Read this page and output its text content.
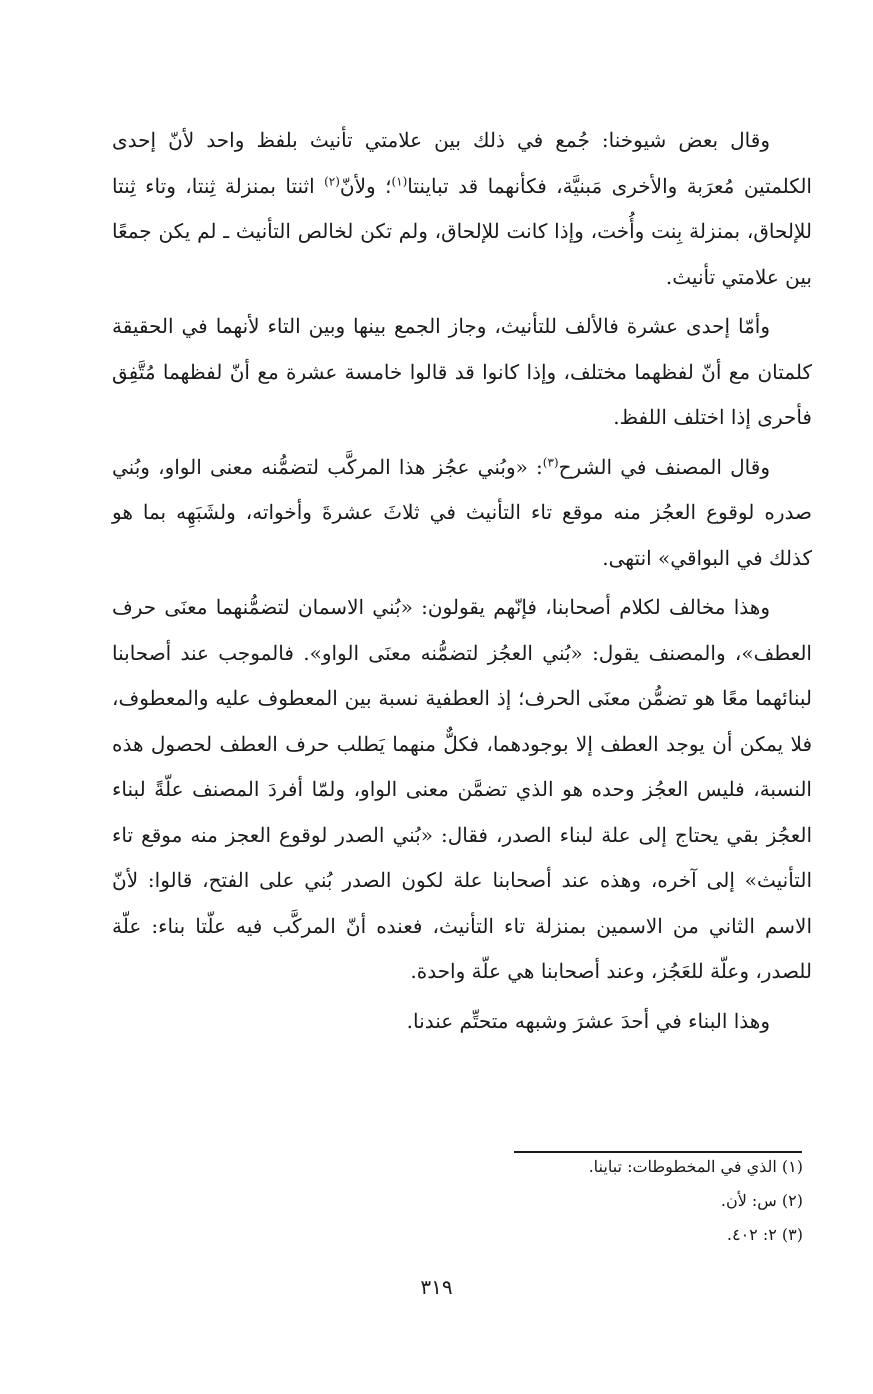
وقال بعض شيوخنا: جُمع في ذلك بين علامتي تأنيث بلفظ واحد لأنّ إحدى الكلمتين مُعرَبة والأخرى مَبنيَّة، فكأنهما قد تباينتا$^{(١)}$؛ ولأنّ$^{(٢)}$ اثنتا بمنزلة ثِنتا، وتاء ثِنتا للإلحاق، بمنزلة بِنت وأُخت، وإذا كانت للإلحاق، ولم تكن لخالص التأنيث ـ لم يكن جمعًا بين علامتي تأنيث.

وأمّا إحدى عشرة فالألف للتأنيث، وجاز الجمع بينها وبين التاء لأنهما في الحقيقة كلمتان مع أنّ لفظهما مختلف، وإذا كانوا قد قالوا خامسة عشرة مع أنّ لفظهما مُتَّفِق فأحرى إذا اختلف اللفظ.

وقال المصنف في الشرح$^{(٣)}$: «وبُني عجُز هذا المركَّب لتضمُّنه معنى الواو، وبُني صدره لوقوع العجُز منه موقع تاء التأنيث في ثلاثَ عشرةَ وأخواته، ولشَبَهِه بما هو كذلك في البواقي» انتهى.

وهذا مخالف لكلام أصحابنا، فإنّهم يقولون: «بُني الاسمان لتضمُّنهما معنَى حرف العطف»، والمصنف يقول: «بُني العجُز لتضمُّنه معنَى الواو». فالموجب عند أصحابنا لبنائهما معًا هو تضمُّن معنَى الحرف؛ إذ العطفية نسبة بين المعطوف عليه والمعطوف، فلا يمكن أن يوجد العطف إلا بوجودهما، فكلٌّ منهما يَطلب حرف العطف لحصول هذه النسبة، فليس العجُز وحده هو الذي تضمَّن معنى الواو، ولمّا أفردَ المصنف علّةً لبناء العجُز بقي يحتاج إلى علة لبناء الصدر، فقال: «بُني الصدر لوقوع العجز منه موقع تاء التأنيث» إلى آخره، وهذه عند أصحابنا علة لكون الصدر بُني على الفتح، قالوا: لأنّ الاسم الثاني من الاسمين بمنزلة تاء التأنيث، فعنده أنّ المركَّب فيه علّتا بناء: علّة للصدر، وعلّة للعَجُز، وعند أصحابنا هي علّة واحدة.

وهذا البناء في أحدَ عشرَ وشبهه متحتِّم عندنا.

(١) الذي في المخطوطات: تباينا.
(٢) س: لأن.
(٣) ٢: ٤٠٢.
٣١٩
